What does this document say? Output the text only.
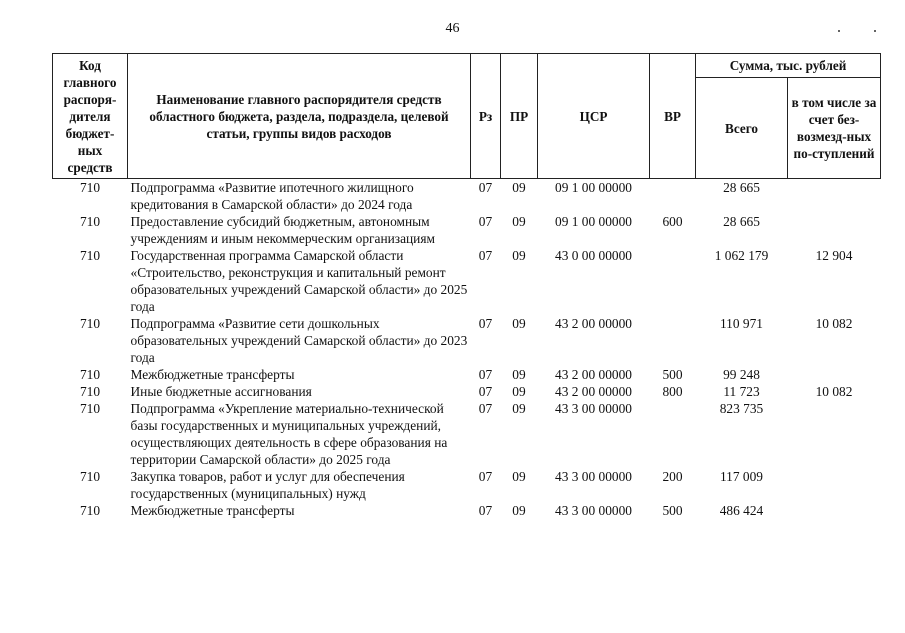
46
Код главного распоря-дителя бюджет-ных средств	Наименование главного распорядителя средств областного бюджета, раздела, подраздела, целевой статьи, группы видов расходов	Рз	ПР	ЦСР	ВР	Сумма, тыс. рублей	
						Всего	в том числе за счет без-возмезд-ных по-ступлений
710	Подпрограмма «Развитие ипотечного жилищного кредитования в Самарской области» до 2024 года	07	09	09 1 00 00000		28 665	
710	Предоставление субсидий бюджетным, автономным учреждениям и иным некоммерческим организациям	07	09	09 1 00 00000	600	28 665	
710	Государственная программа Самарской области «Строительство, реконструкция и капитальный ремонт образовательных учреждений Самарской области» до 2025 года	07	09	43 0 00 00000		1 062 179	12 904
710	Подпрограмма «Развитие сети дошкольных образовательных учреждений Самарской области» до 2023 года	07	09	43 2 00 00000		110 971	10 082
710	Межбюджетные трансферты	07	09	43 2 00 00000	500	99 248	
710	Иные бюджетные ассигнования	07	09	43 2 00 00000	800	11 723	10 082
710	Подпрограмма «Укрепление материально-технической базы государственных и муниципальных учреждений, осуществляющих деятельность в сфере образования на территории Самарской области» до 2025 года	07	09	43 3 00 00000		823 735	
710	Закупка товаров, работ и услуг для обеспечения государственных (муниципальных) нужд	07	09	43 3 00 00000	200	117 009	
710	Межбюджетные трансферты	07	09	43 3 00 00000	500	486 424	
